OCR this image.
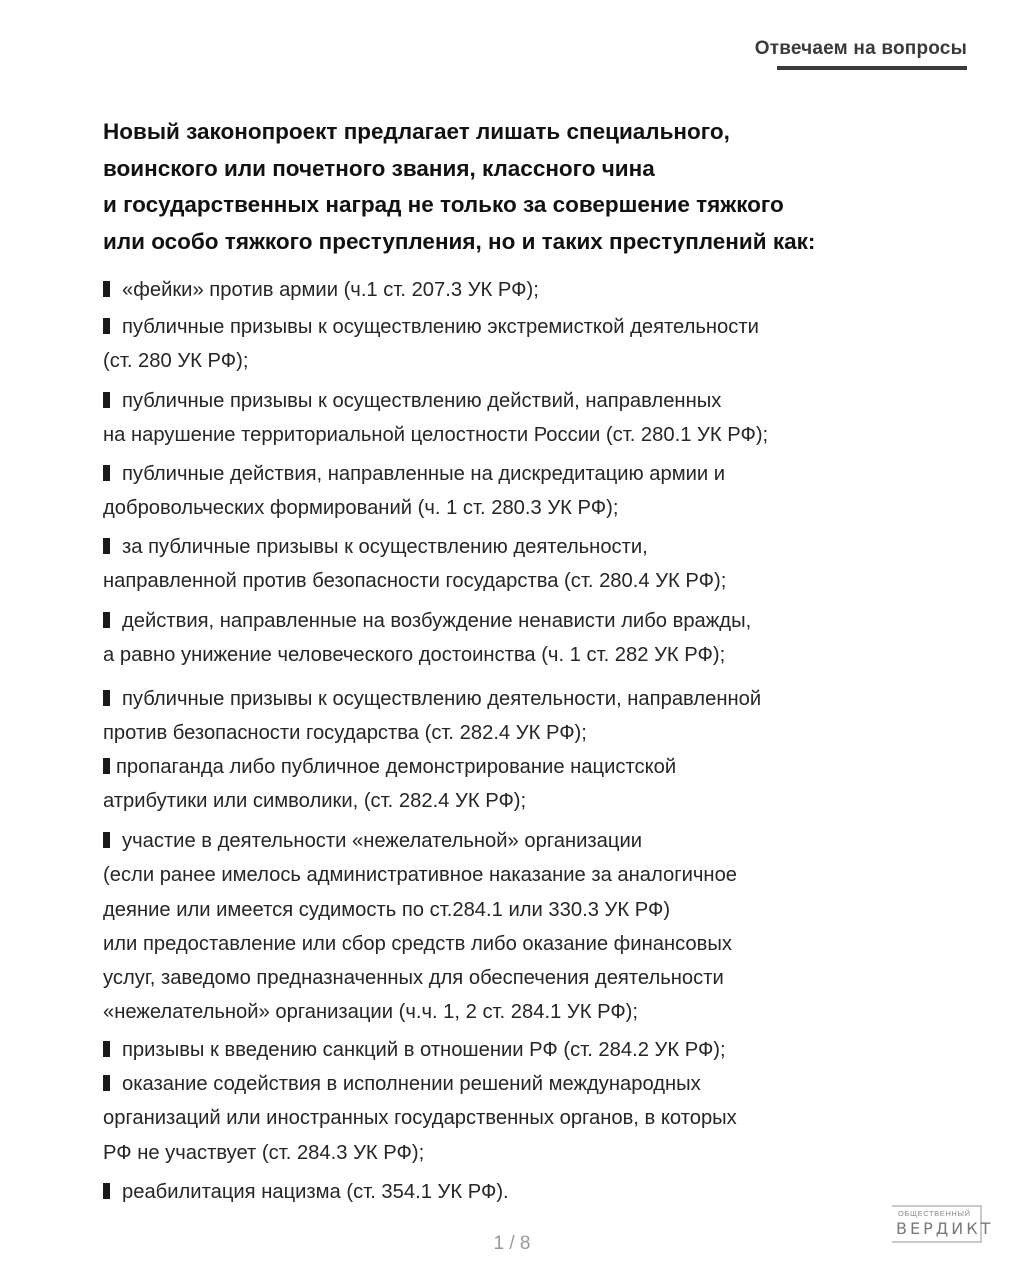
Отвечаем на вопросы
Новый законопроект предлагает лишать специального,
воинского или почетного звания, классного чина
и государственных наград не только за совершение тяжкого
или особо тяжкого преступления, но и таких преступлений как:
«фейки» против армии (ч.1 ст. 207.3 УК РФ);
публичные призывы к осуществлению экстремисткой деятельности
(ст. 280 УК РФ);
публичные призывы к осуществлению действий, направленных
на нарушение территориальной целостности России (ст. 280.1 УК РФ);
публичные действия, направленные на дискредитацию армии и
добровольческих формирований (ч. 1 ст. 280.3 УК РФ);
за публичные призывы к осуществлению деятельности,
направленной против безопасности государства (ст. 280.4 УК РФ);
действия, направленные на возбуждение ненависти либо вражды,
а равно унижение человеческого достоинства (ч. 1 ст. 282 УК РФ);
публичные призывы к осуществлению деятельности, направленной
против безопасности государства (ст. 282.4 УК РФ);
пропаганда либо публичное демонстрирование нацистской
атрибутики или символики, (ст. 282.4 УК РФ);
участие в деятельности «нежелательной» организации
(если ранее имелось административное наказание за аналогичное
деяние или имеется судимость по ст.284.1 или 330.3 УК РФ)
или предоставление или сбор средств либо оказание финансовых
услуг, заведомо предназначенных для обеспечения деятельности
«нежелательной» организации (ч.ч. 1, 2 ст. 284.1 УК РФ);
призывы к введению санкций в отношении РФ (ст. 284.2 УК РФ);
оказание содействия в исполнении решений международных
организаций или иностранных государственных органов, в которых
РФ не участвует (ст. 284.3 УК РФ);
реабилитация нацизма (ст. 354.1 УК РФ).
1 / 8
ОБЩЕСТВЕННЫЙ
ВЕРДИКТ
